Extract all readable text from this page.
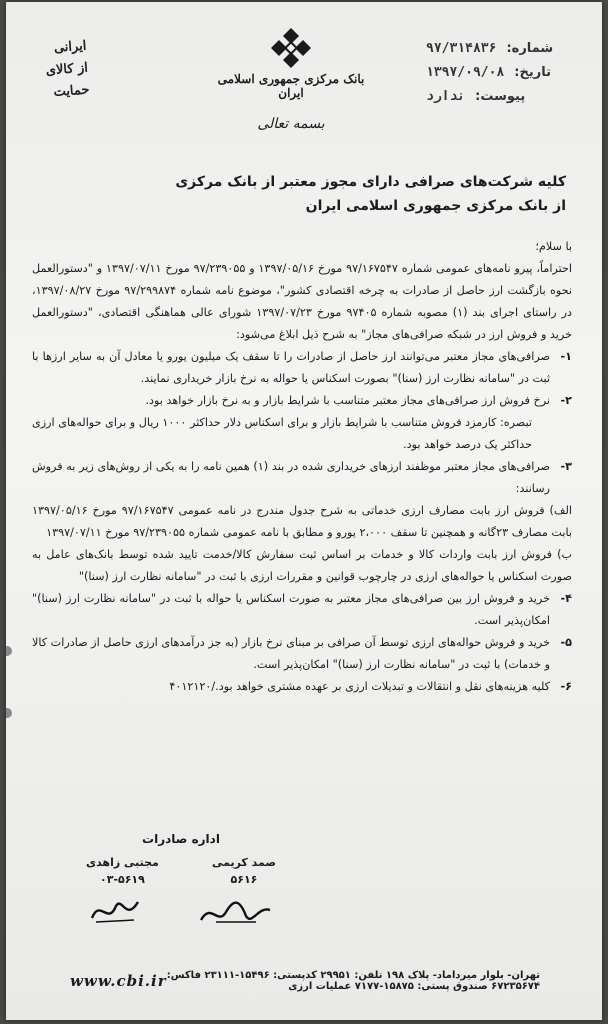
ایرانی
از کالای
حمایت
بانک مرکزی جمهوری اسلامی ایران
بسمه تعالی
شماره:
۹۷/۳۱۴۸۳۶
تاریخ:
۱۳۹۷/۰۹/۰۸
پیوست:
ندارد
کلیه شرکت‌های صرافی دارای مجوز معتبر از بانک مرکزی
از بانک مرکزی جمهوری اسلامی ایران

با سلام؛

احتراماً، پیرو نامه‌های عمومی شماره ۹۷/۱۶۷۵۴۷ مورخ ۱۳۹۷/۰۵/۱۶ و ۹۷/۲۳۹۰۵۵ مورخ ۱۳۹۷/۰۷/۱۱ و "دستورالعمل نحوه بازگشت ارز حاصل از صادرات به چرخه اقتصادی کشور"، موضوع نامه شماره ۹۷/۲۹۹۸۷۴ مورخ ۱۳۹۷/۰۸/۲۷، در راستای اجرای بند (۱) مصوبه شماره ۹۷۴۰۵ مورخ ۱۳۹۷/۰۷/۲۳ شورای عالی هماهنگی اقتصادی، "دستورالعمل خرید و فروش ارز در شبکه صرافی‌های مجاز" به شرح ذیل ابلاغ می‌شود:

۱-
صرافی‌های مجاز معتبر می‌توانند ارز حاصل از صادرات را تا سقف یک میلیون یورو یا معادل آن به سایر ارزها با ثبت در "سامانه نظارت ارز (سنا)" بصورت اسکناس یا حواله به نرخ بازار خریداری نمایند.
۲-
نرخ فروش ارز صرافی‌های مجاز معتبر متناسب با شرایط بازار و به نرخ بازار خواهد بود.
تبصره: کارمزد فروش متناسب با شرایط بازار و برای اسکناس دلار حداکثر ۱۰۰۰ ریال و برای حواله‌های ارزی حداکثر یک درصد خواهد بود.
۳-
صرافی‌های مجاز معتبر موظفند ارزهای خریداری شده در بند (۱) همین نامه را به یکی از روش‌های زیر به فروش رسانند:
الف) فروش ارز بابت مصارف ارزی خدماتی به شرح جدول مندرج در نامه عمومی ۹۷/۱۶۷۵۴۷ مورخ ۱۳۹۷/۰۵/۱۶ بابت مصارف ۲۳گانه و همچنین تا سقف ۲،۰۰۰ یورو و مطابق با نامه عمومی شماره ۹۷/۲۳۹۰۵۵ مورخ ۱۳۹۷/۰۷/۱۱
ب) فروش ارز بابت واردات کالا و خدمات بر اساس ثبت سفارش کالا/خدمت تایید شده توسط بانک‌های عامل به صورت اسکناس یا حواله‌های ارزی در چارچوب قوانین و مقررات ارزی با ثبت در "سامانه نظارت ارز (سنا)"
۴-
خرید و فروش ارز بین صرافی‌های مجاز معتبر به صورت اسکناس یا حواله با ثبت در "سامانه نظارت ارز (سنا)" امکان‌پذیر است.
۵-
خرید و فروش حواله‌های ارزی توسط آن صرافی بر مبنای نرخ بازار (به جز درآمدهای ارزی حاصل از صادرات کالا و خدمات) با ثبت در "سامانه نظارت ارز (سنا)" امکان‌پذیر است.
۶-
کلیه هزینه‌های نقل و انتقالات و تبدیلات ارزی بر عهده مشتری خواهد بود./۴۰۱۲۱۲۰
اداره صادرات
صمد کریمی
۵۶۱۶
مجتبی زاهدی
۰۳-۵۶۱۹
www.cbi.ir تهران- بلوار میرداماد- پلاک ۱۹۸ تلفن: ۲۹۹۵۱ کدپستی: ۱۵۴۹۶-۲۳۱۱۱ فاکس: ۶۷۲۳۵۶۷۴ صندوق پستی: ۱۵۸۷۵-۷۱۷۷ عملیات ارزی
